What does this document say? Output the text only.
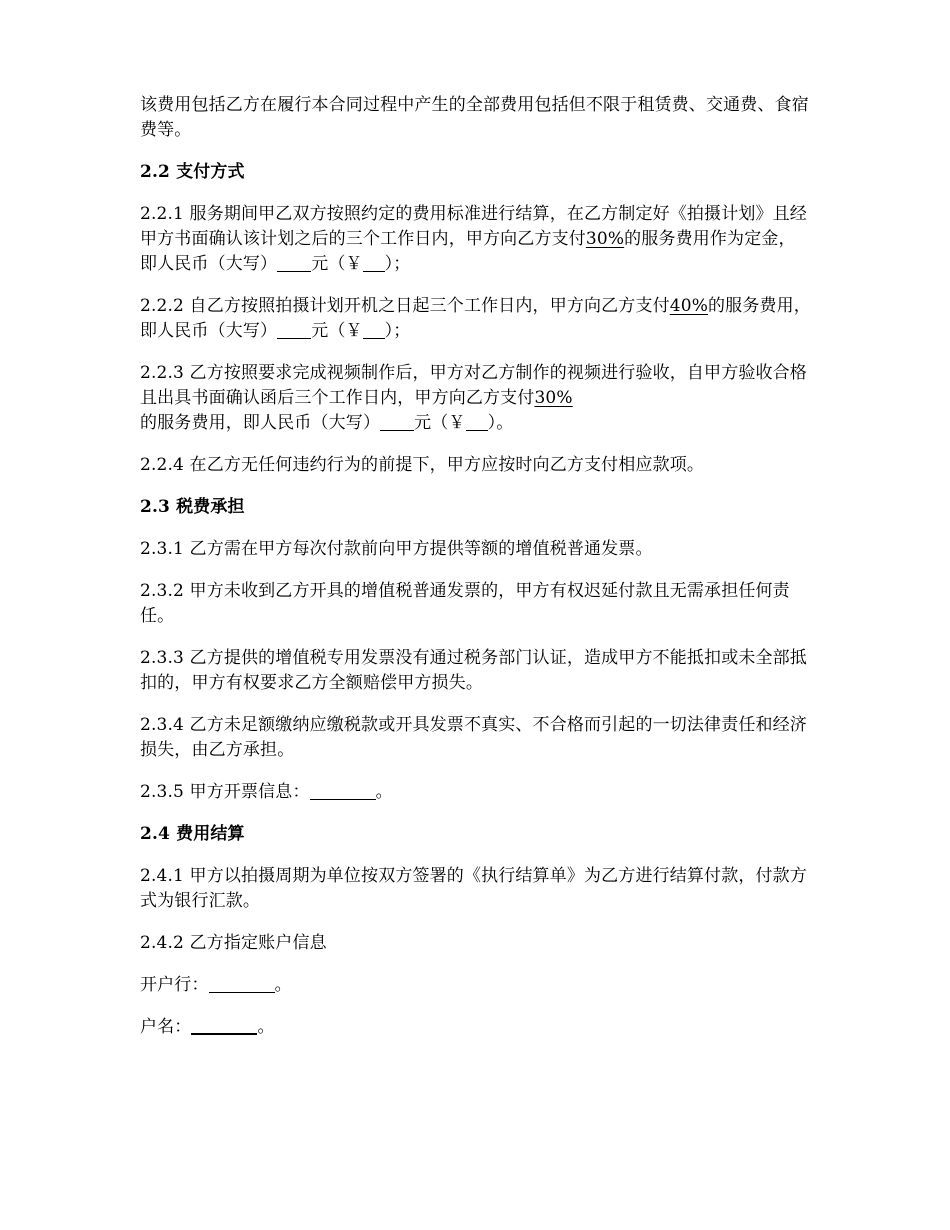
该费用包括乙方在履行本合同过程中产生的全部费用包括但不限于租赁费、交通费、食宿费等。

2.2 支付方式

2.2.1 服务期间甲乙双方按照约定的费用标准进行结算，在乙方制定好《拍摄计划》且经甲方书面确认该计划之后的三个工作日内，甲方向乙方支付30%的服务费用作为定金，即人民币（大写） 元（￥ ）；

2.2.2 自乙方按照拍摄计划开机之日起三个工作日内，甲方向乙方支付40%的服务费用，即人民币（大写） 元（￥ ）；

2.2.3 乙方按照要求完成视频制作后，甲方对乙方制作的视频进行验收，自甲方验收合格且出具书面确认函后三个工作日内，甲方向乙方支付30%的服务费用，即人民币（大写） 元（￥ ）。

2.2.4 在乙方无任何违约行为的前提下，甲方应按时向乙方支付相应款项。

2.3 税费承担

2.3.1 乙方需在甲方每次付款前向甲方提供等额的增值税普通发票。

2.3.2 甲方未收到乙方开具的增值税普通发票的，甲方有权迟延付款且无需承担任何责任。

2.3.3 乙方提供的增值税专用发票没有通过税务部门认证，造成甲方不能抵扣或未全部抵扣的，甲方有权要求乙方全额赔偿甲方损失。

2.3.4 乙方未足额缴纳应缴税款或开具发票不真实、不合格而引起的一切法律责任和经济损失，由乙方承担。

2.3.5 甲方开票信息：	。

2.4 费用结算

2.4.1 甲方以拍摄周期为单位按双方签署的《执行结算单》为乙方进行结算付款，付款方式为银行汇款。

2.4.2 乙方指定账户信息

开户行：	。

户名：	。
